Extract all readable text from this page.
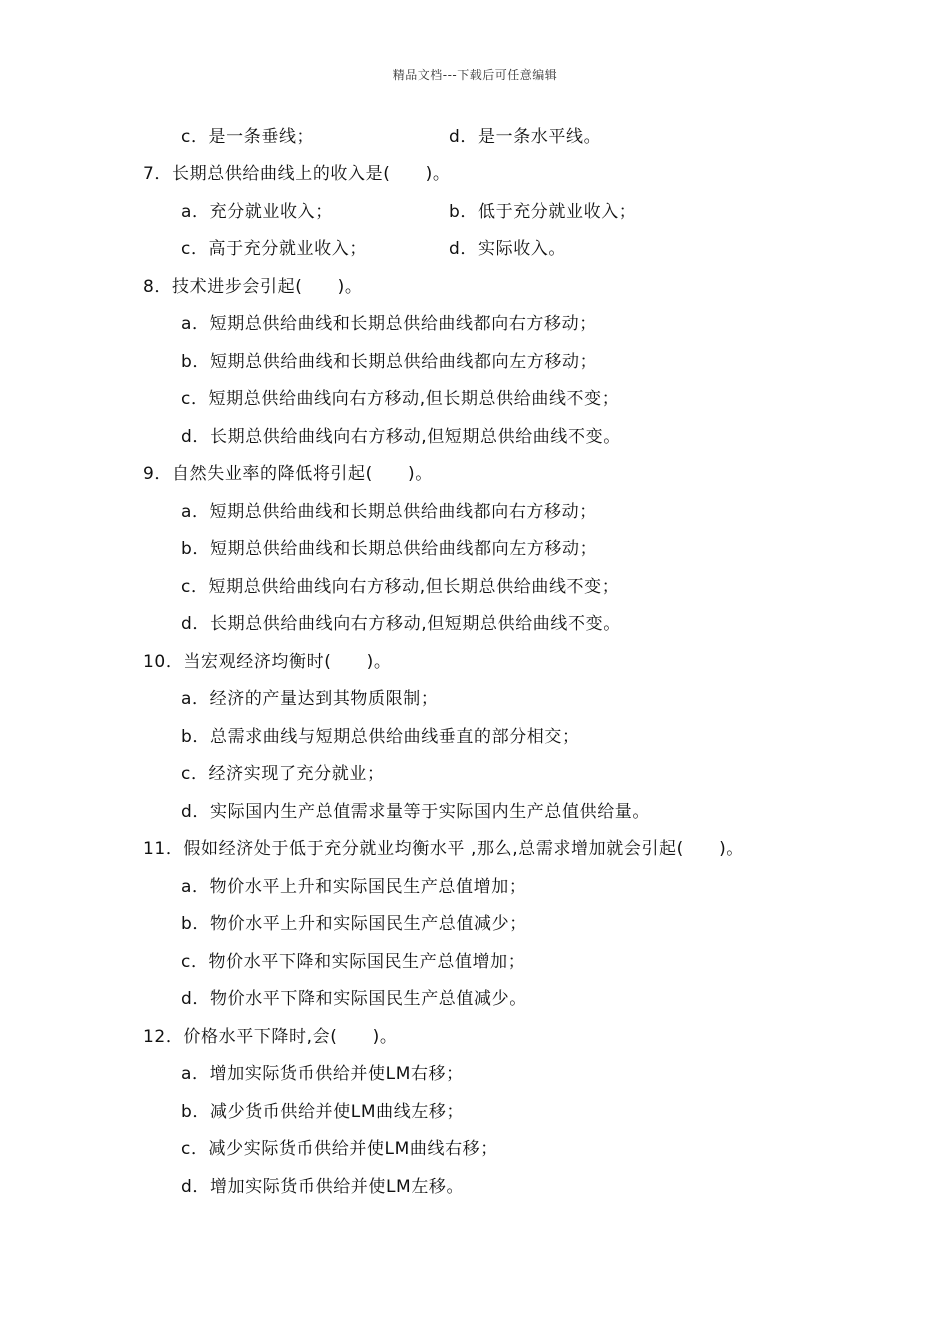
精品文档---下载后可任意编辑
c．是一条垂线；	d．是一条水平线。
7．长期总供给曲线上的收入是(　　)。
a．充分就业收入；	b．低于充分就业收入；
c．高于充分就业收入；	d．实际收入。
8．技术进步会引起(　　)。
a．短期总供给曲线和长期总供给曲线都向右方移动；
b．短期总供给曲线和长期总供给曲线都向左方移动；
c．短期总供给曲线向右方移动,但长期总供给曲线不变；
d．长期总供给曲线向右方移动,但短期总供给曲线不变。
9．自然失业率的降低将引起(　　)。
a．短期总供给曲线和长期总供给曲线都向右方移动；
b．短期总供给曲线和长期总供给曲线都向左方移动；
c．短期总供给曲线向右方移动,但长期总供给曲线不变；
d．长期总供给曲线向右方移动,但短期总供给曲线不变。
10．当宏观经济均衡时(　　)。
a．经济的产量达到其物质限制；
b．总需求曲线与短期总供给曲线垂直的部分相交；
c．经济实现了充分就业；
d．实际国内生产总值需求量等于实际国内生产总值供给量。
11．假如经济处于低于充分就业均衡水平 ,那么,总需求增加就会引起(　　)。
a．物价水平上升和实际国民生产总值增加；
b．物价水平上升和实际国民生产总值减少；
c．物价水平下降和实际国民生产总值增加；
d．物价水平下降和实际国民生产总值减少。
12．价格水平下降时,会(　　)。
a．增加实际货币供给并使LM右移；
b．减少货币供给并使LM曲线左移；
c．减少实际货币供给并使LM曲线右移；
d．增加实际货币供给并使LM左移。
